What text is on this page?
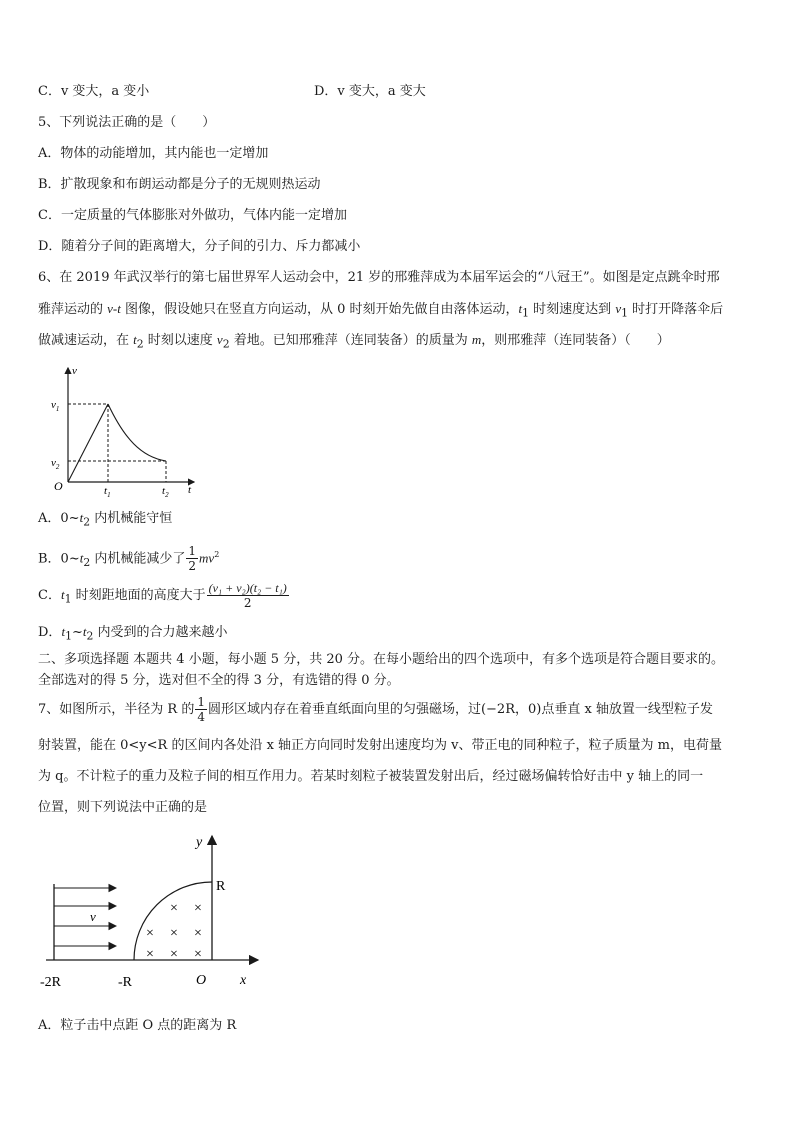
C．v 变大，a 变小	D．v 变大，a 变大
5、下列说法正确的是（　　）
A．物体的动能增加，其内能也一定增加
B．扩散现象和布朗运动都是分子的无规则热运动
C．一定质量的气体膨胀对外做功，气体内能一定增加
D．随着分子间的距离增大，分子间的引力、斥力都减小
6、在 2019 年武汉举行的第七届世界军人运动会中，21 岁的邢雅萍成为本届军运会的“八冠王”。如图是定点跳伞时邢
雅萍运动的 v-t 图像，假设她只在竖直方向运动，从 0 时刻开始先做自由落体运动，$t_1$ 时刻速度达到 $v_1$ 时打开降落伞后
做减速运动，在 $t_2$ 时刻以速度 $v_2$ 着地。已知邢雅萍（连同装备）的质量为 m，则邢雅萍（连同装备）（　　）
v
$v_1$
$v_2$
O	$t_1$	$t_2$ t
A．$0\sim t_2$ 内机械能守恒
B．$0\sim t_2$ 内机械能减少了 $\frac{1}{2} mv^2$
C．$t_1$ 时刻距地面的高度大于 $\frac{\text{(v₁ + v₂)(t₂ − t₁)}}{2}$
D．$t_1\sim t_2$ 内受到的合力越来越小
二、多项选择题 本题共 4 小题，每小题 5 分，共 20 分。在每小题给出的四个选项中，有多个选项是符合题目要求的。
全部选对的得 5 分，选对但不全的得 3 分，有选错的得 0 分。
7、如图所示，半径为 R 的 $\frac{1}{4}$ 圆形区域内存在着垂直纸面向里的匀强磁场，过(−2R，0)点垂直 x 轴放置一线型粒子发
射装置，能在 0<y<R 的区间内各处沿 x 轴正方向同时发射出速度均为 v、带正电的同种粒子，粒子质量为 m，电荷量
为 q。不计粒子的重力及粒子间的相互作用力。若某时刻粒子被装置发射出后，经过磁场偏转恰好击中 y 轴上的同一
位置，则下列说法中正确的是
× ×
× × ×
× × ×
v
y
x
R
O
-2R	-R
A．粒子击中点距 O 点的距离为 R
